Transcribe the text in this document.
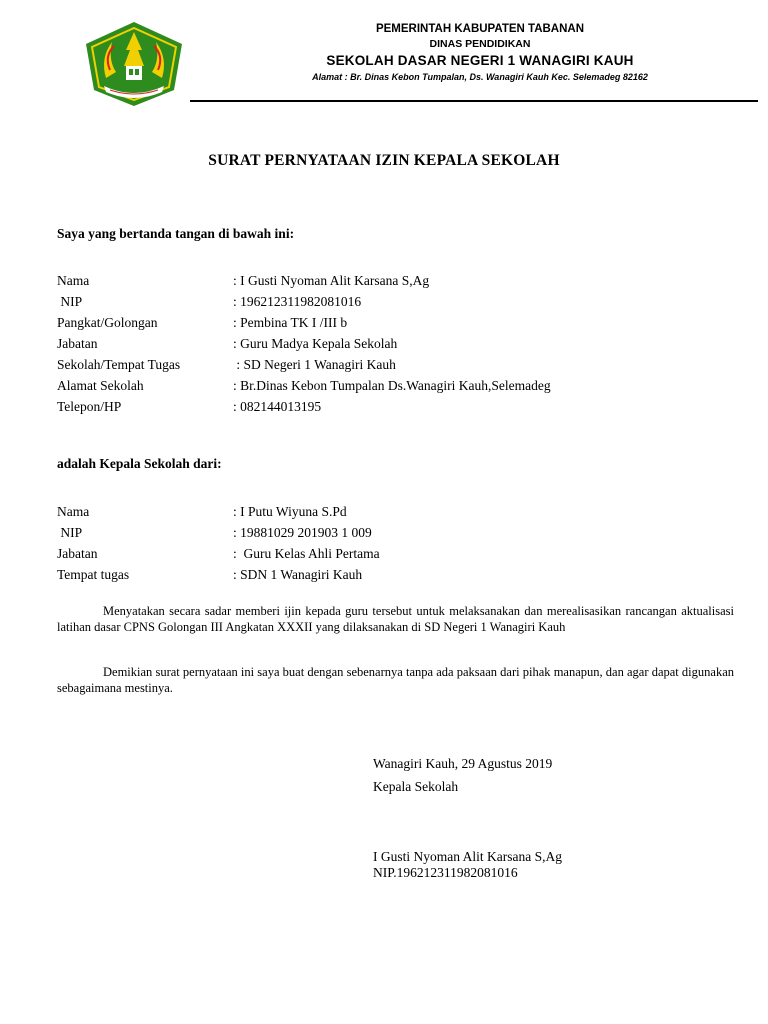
PEMERINTAH KABUPATEN TABANAN
DINAS PENDIDIKAN
SEKOLAH DASAR NEGERI 1 WANAGIRI KAUH
Alamat : Br. Dinas Kebon Tumpalan, Ds. Wanagiri Kauh Kec. Selemadeg 82162
SURAT PERNYATAAN IZIN KEPALA SEKOLAH
Saya yang bertanda tangan di bawah ini:
Nama	: I Gusti Nyoman Alit Karsana S,Ag
NIP	: 196212311982081016
Pangkat/Golongan	: Pembina TK I /III b
Jabatan	: Guru Madya Kepala Sekolah
Sekolah/Tempat Tugas	: SD Negeri 1 Wanagiri Kauh
Alamat Sekolah	: Br.Dinas Kebon Tumpalan Ds.Wanagiri Kauh,Selemadeg
Telepon/HP	: 082144013195
adalah Kepala Sekolah dari:
Nama	: I Putu Wiyuna S.Pd
NIP	: 19881029 201903 1 009
Jabatan	:  Guru Kelas Ahli Pertama
Tempat tugas	: SDN 1 Wanagiri Kauh

Menyatakan secara sadar memberi ijin kepada guru tersebut untuk melaksanakan dan merealisasikan rancangan aktualisasi latihan dasar CPNS Golongan III Angkatan XXXII yang dilaksanakan di SD Negeri 1 Wanagiri Kauh

Demikian surat pernyataan ini saya buat dengan sebenarnya tanpa ada paksaan dari pihak manapun, dan agar dapat digunakan sebagaimana mestinya.

Wanagiri Kauh, 29 Agustus 2019
Kepala Sekolah
I Gusti Nyoman Alit Karsana S,Ag
NIP.196212311982081016
